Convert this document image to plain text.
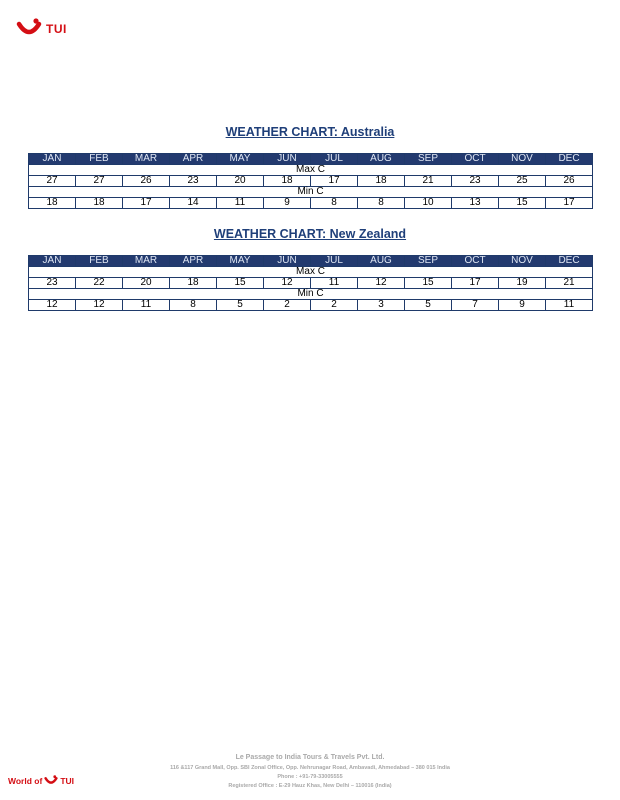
TUI
WEATHER CHART: Australia
JAN	FEB	MAR	APR	MAY	JUN	JUL	AUG	SEP	OCT	NOV	DEC
Max C											
27	27	26	23	20	18	17	18	21	23	25	26
Min C											
18	18	17	14	11	9	8	8	10	13	15	17
WEATHER CHART: New Zealand
JAN	FEB	MAR	APR	MAY	JUN	JUL	AUG	SEP	OCT	NOV	DEC
Max C											
23	22	20	18	15	12	11	12	15	17	19	21
Min C											
12	12	11	8	5	2	2	3	5	7	9	11
Le Passage to India Tours & Travels Pvt. Ltd.
116 &117 Grand Mall, Opp. SBI Zonal Office, Opp. Nehrunagar Road, Ambavadi, Ahmedabad – 380 015 India
Phone : +91-79-33005555
Registered Office : E-29 Hauz Khas, New Delhi – 110016 (India)
World of TUI
